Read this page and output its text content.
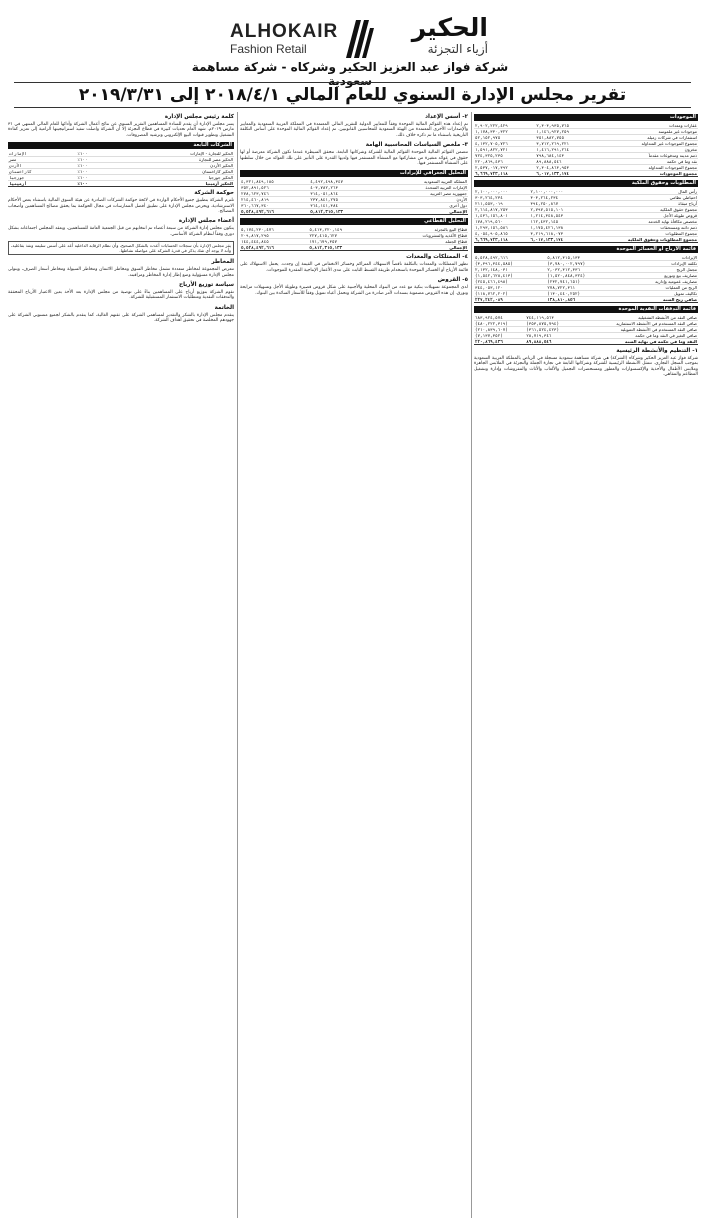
ALHOKAIR
Fashion Retail
الحكير
أزياء التجزئة
شركة فواز عبد العزيز الحكير وشركاه - شركة مساهمة سعودية
تقرير مجلس الإدارة السنوي للعام المالي ٢٠١٨/٤/١ إلى ٢٠١٩/٣/٣١
الموجودات
عقارات ومعدات	٢,٣٠٣,٩٣٥,٧٦٥	٢,٩٠٢,٢٢٢,٤٢٩
موجودات غير ملموسة	١,١٤٦,٩٢٧,٢٥٩	١,١٧٨,٣٣٠,٣٢٢
استثمارات في شركات زميلة	٣٥١,٨٨٢,٧٥٥	٥٢,١٥٢,٩٧٥
مجموع الموجودات غير المتداولة	٣,٧١٢,٢٦٩,٢٢١	٤,١٣٢,٧٠٥,٧٢٦
مخزون	١,٤١٦,٢٩١,٢٦٤	١,٥٩١,٨٢٢,٧٢١
ذمم مدينة ومدفوعات مقدماً	٧٩٨,٦٨٤,١٤٣	٧٢٤,٣٢٥,٢٣٥
نقد وما في حكمه	٨٩,٨٨٨,٥٤٦	٢٢٠,٨٦٩,٤٣٦
مجموع الموجودات المتداولة	٢,٣٠٤,٨٦٣,٩٥٣	٢,٥٣٧,٠١٧,٣٩٢
مجموع الموجودات	٦,٠١٧,١٣٣,١٧٤	٦,٦٦٩,٧٢٣,١١٨
المطلوبات وحقوق الملكية
رأس المال	٢,١٠٠,٠٠٠,٠٠٠	٢,١٠٠,٠٠٠,٠٠٠
احتياطي نظامي	٣٠٣,٢٦٤,٢٣٤	٣٠٣,٢٦٤,٢٣٤
أرباح مبقاة	٣٩٤,٢٥٠,٨٦٧	٢١١,٥٥٣,٠١٩
مجموع حقوق الملكية	٢,٧٩٧,٥١٥,١٠١	٢,٦١٤,٨١٧,٢٥٣
قروض طويلة الأجل	١,٢١٤,٣٤٨,٥٤٣	١,٤٣٦,١٥٦,٨٠١
مخصص مكافأة نهاية الخدمة	١٦٢,٤٣٢,١٤٥	١٧٨,٢١٩,٥٦٠
ذمم دائنة ومستحقات	١,١٧٥,٤٢٦,١٣٨	١,٢٩٣,١٥٦,٥٨٦
مجموع المطلوبات	٣,٢١٩,٦١٨,٠٧٣	٤,٠٥٤,٩٠٥,٨٦٥
مجموع المطلوبات وحقوق الملكية	٦,٠١٧,١٣٣,١٧٤	٦,٦٦٩,٧٢٣,١١٨
قائمة الأرباح أو الخسائر الموحدة
الإيرادات	٥,٨١٢,٣١٥,١٣٣	٥,٥٢٨,٤٩٢,٦١٦
تكلفة الإيرادات	(٣,٧٨٠,٠٠٢,٧٩٧)	(٣,٣٩٦,٣٤٤,٥٨٥)
مجمل الربح	٢,٠٣٢,٣١٢,٣٣٦	٢,١٣٢,١٤٨,٠٣١
مصاريف بيع وتوزيع	(١,٥٢٠,٨٤٨,٣٢٤)	(١,٥٤٢,٦٢٨,٤١٣)
مصاريف عمومية وإدارية	(٢٣٢,٧٤١,٦٥١)	(٢٤٥,٤٦٦,٤٩٨)
الربح من العمليات	٢٧٨,٧٢٢,٣٦١	٣٤٤,٠٥٣,١٢٠
تكاليف تمويل	(١٣٠,٤٤٠,٢٥٢)	(١١٨,٧٦٢,٢٠٢)
صافي ربح السنة	١٣٨,٨١٠,٨٥٦	٢٢٧,٢٤٢,٠٨٩
قائمة التدفقات النقدية الموحدة
صافي النقد من الأنشطة التشغيلية	٧٤٤,١١٩,٥٦٣	٦٨٣,٩٢٤,٥٧٤
صافي النقد المستخدم في الأنشطة الاستثمارية	(٣٥٣,٨٧٥,٧٩٤)	(٤٨٠,٢٢٢,٣١٩)
صافي النقد المستخدم في الأنشطة التمويلية	(٣٦١,٥٢٤,٤٢٣)	(٢١٠,٨٣٩,٦٠٧)
صافي التغير في النقد وما في حكمه	٢٨,٧١٩,٣٤٦	(٧,١٣٧,٣٥٢)
النقد وما في حكمه في نهاية السنة	٨٩,٨٨٨,٥٤٦	٢٢٠,٨٦٩,٤٣٦
١- التنظيم والأنشطة الرئيسية
شركة فواز عبد العزيز الحكير وشركاه (الشركة) هي شركة مساهمة سعودية مسجلة في الرياض بالمملكة العربية السعودية بموجب السجل التجاري. تتمثل الأنشطة الرئيسية للشركة وشركاتها التابعة في تجارة الجملة والتجزئة في الملابس الجاهزة وملابس الأطفال والأحذية والإكسسوارات والعطور ومستحضرات التجميل والألعاب والأثاث والمفروشات وإدارة وتشغيل المطاعم والمقاهي.
٢- أسس الإعداد
تم إعداد هذه القوائم المالية الموحدة وفقاً للمعايير الدولية للتقرير المالي المعتمدة في المملكة العربية السعودية والمعايير والإصدارات الأخرى المعتمدة من الهيئة السعودية للمحاسبين القانونيين. تم إعداد القوائم المالية الموحدة على أساس التكلفة التاريخية باستثناء ما تم ذكره خلاف ذلك.
٣- ملخص السياسات المحاسبية الهامة
تتضمن القوائم المالية الموحدة القوائم المالية للشركة وشركاتها التابعة. تتحقق السيطرة عندما تكون الشركة معرضة أو لها حقوق في عوائد متغيرة من مشاركتها مع المنشأة المستثمر فيها ولديها القدرة على التأثير على تلك العوائد من خلال سلطتها على المنشأة المستثمر فيها.
التحليل الجغرافي للإيرادات
المملكة العربية السعودية	٤,٤٩٢,٤٩٨,٣٤٧	٤,٣٢١,٨٤٩,١٨٥
الإمارات العربية المتحدة	٤٠٣,٧٨٢,٢٦٣	٣٥٢,٨٩١,٥٢٦
جمهورية مصر العربية	٣١٤,٠٥١,٨٦٤	٢٧٨,٦٢٣,٧٤٦
الأردن	٢٣٧,٨٤١,٢٧٥	٢١٤,٤٦٠,٨١٩
دول أخرى	٣٦٤,١٤١,٣٨٤	٣٦٠,٦٦٧,٣٤٠
الإجمالي	٥,٨١٢,٣١٥,١٣٣	٥,٥٢٨,٤٩٢,٦١٦
التحليل القطاعي
قطاع البيع بالتجزئة	٥,٤١٣,٢٢٠,١٤٩	٥,١٧٤,٢٣٠,٤٧٦
قطاع الأغذية والمشروبات	٢٢٧,٤١٥,٦٢٧	٢٠٩,٨١٧,٢٩٥
قطاع الجملة	١٧١,٦٧٩,٣٥٧	١٤٤,٤٤٤,٨٤٥
الإجمالي	٥,٨١٢,٣١٥,١٣٣	٥,٥٢٨,٤٩٢,٦١٦
٤- الممتلكات والمعدات
تظهر الممتلكات والمعدات بالتكلفة ناقصاً الاستهلاك المتراكم وخسائر الانخفاض في القيمة إن وجدت. يحمل الاستهلاك على قائمة الأرباح أو الخسائر الموحدة باستخدام طريقة القسط الثابت على مدى الأعمار الإنتاجية المقدرة للموجودات.
٥- القروض
لدى المجموعة تسهيلات بنكية مع عدد من البنوك المحلية والأجنبية على شكل قروض قصيرة وطويلة الأجل وتسهيلات مرابحة وتورق. إن هذه القروض مضمونة بسندات لأمر صادرة من الشركة وتحمل أعباء تمويل وفقاً للأسعار السائدة بين البنوك.
كلمة رئيس مجلس الإدارة
يسر مجلس الإدارة أن يقدم للسادة المساهمين التقرير السنوي عن نتائج أعمال الشركة وأدائها للعام المالي المنتهي في ٣١ مارس ٢٠١٩م. شهد العام تحديات كبيرة في قطاع التجزئة إلا أن الشركة واصلت تنفيذ استراتيجيتها الرامية إلى تعزيز كفاءة التشغيل وتطوير قنوات البيع الإلكتروني وترشيد المصروفات.
الشركات التابعة
الحكير للتجارة - الإمارات	١٠٠٪	الإمارات
الحكير مصر للتجارة	١٠٠٪	مصر
الحكير الأردن	١٠٠٪	الأردن
الحكير كازاخستان	١٠٠٪	كازاخستان
الحكير جورجيا	١٠٠٪	جورجيا
الحكير أرمينيا	١٠٠٪	أرمينيا
حوكمة الشركة
تلتزم الشركة بتطبيق جميع الأحكام الواردة في لائحة حوكمة الشركات الصادرة عن هيئة السوق المالية باستثناء بعض الأحكام الاسترشادية. ويحرص مجلس الإدارة على تطبيق أفضل الممارسات في مجال الحوكمة بما يحقق مصالح المساهمين وأصحاب المصالح.
أعضاء مجلس الإدارة
يتكون مجلس إدارة الشركة من سبعة أعضاء تم انتخابهم من قبل الجمعية العامة للمساهمين، ويعقد المجلس اجتماعاته بشكل دوري وفقاً لنظام الشركة الأساسي.
يقر مجلس الإدارة بأن سجلات الحسابات أعدت بالشكل الصحيح، وأن نظام الرقابة الداخلية أعد على أسس سليمة ونفذ بفاعلية، وأنه لا يوجد أي شك يذكر في قدرة الشركة على مواصلة نشاطها.
المخاطر
تتعرض المجموعة لمخاطر متعددة تشمل مخاطر السوق ومخاطر الائتمان ومخاطر السيولة ومخاطر أسعار الصرف، ويتولى مجلس الإدارة مسؤولية وضع إطار إدارة المخاطر ومراقبته.
سياسة توزيع الأرباح
تقوم الشركة بتوزيع أرباح على المساهمين بناءً على توصية من مجلس الإدارة بعد الأخذ بعين الاعتبار الأرباح المحققة والتدفقات النقدية ومتطلبات الاستثمار المستقبلية للشركة.
الخاتمة
يتقدم مجلس الإدارة بالشكر والتقدير لمساهمي الشركة على ثقتهم الغالية، كما يتقدم بالشكر لجميع منسوبي الشركة على جهودهم المخلصة في تحقيق أهداف الشركة.
